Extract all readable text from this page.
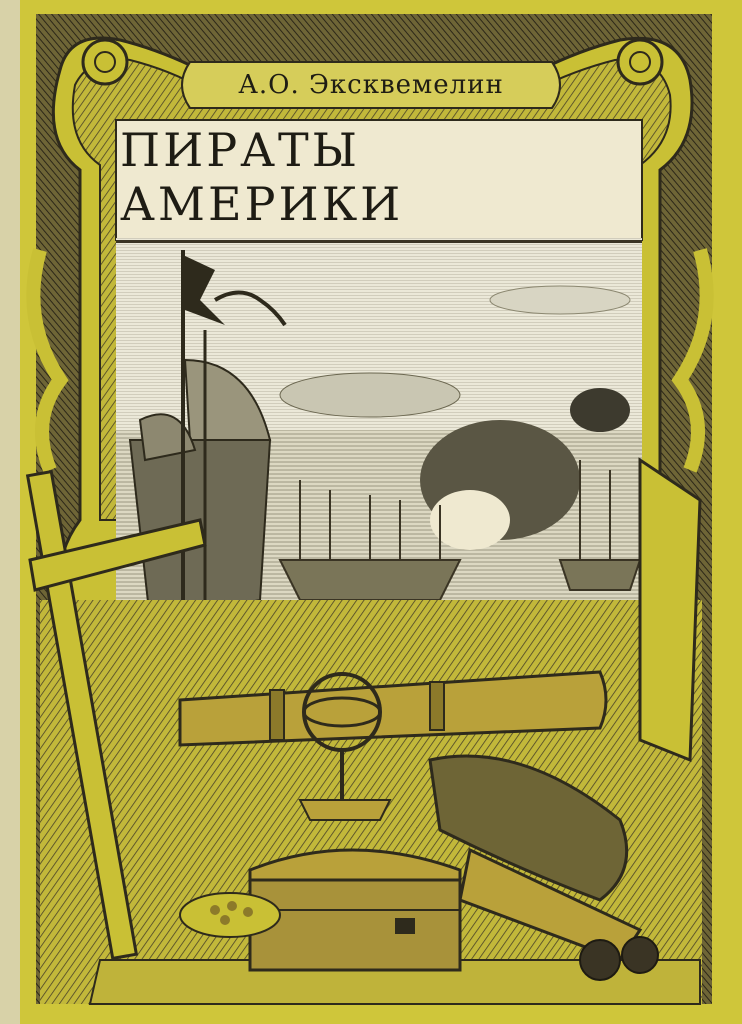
А.О. Эксквемелин
ПИРАТЫ АМЕРИКИ
